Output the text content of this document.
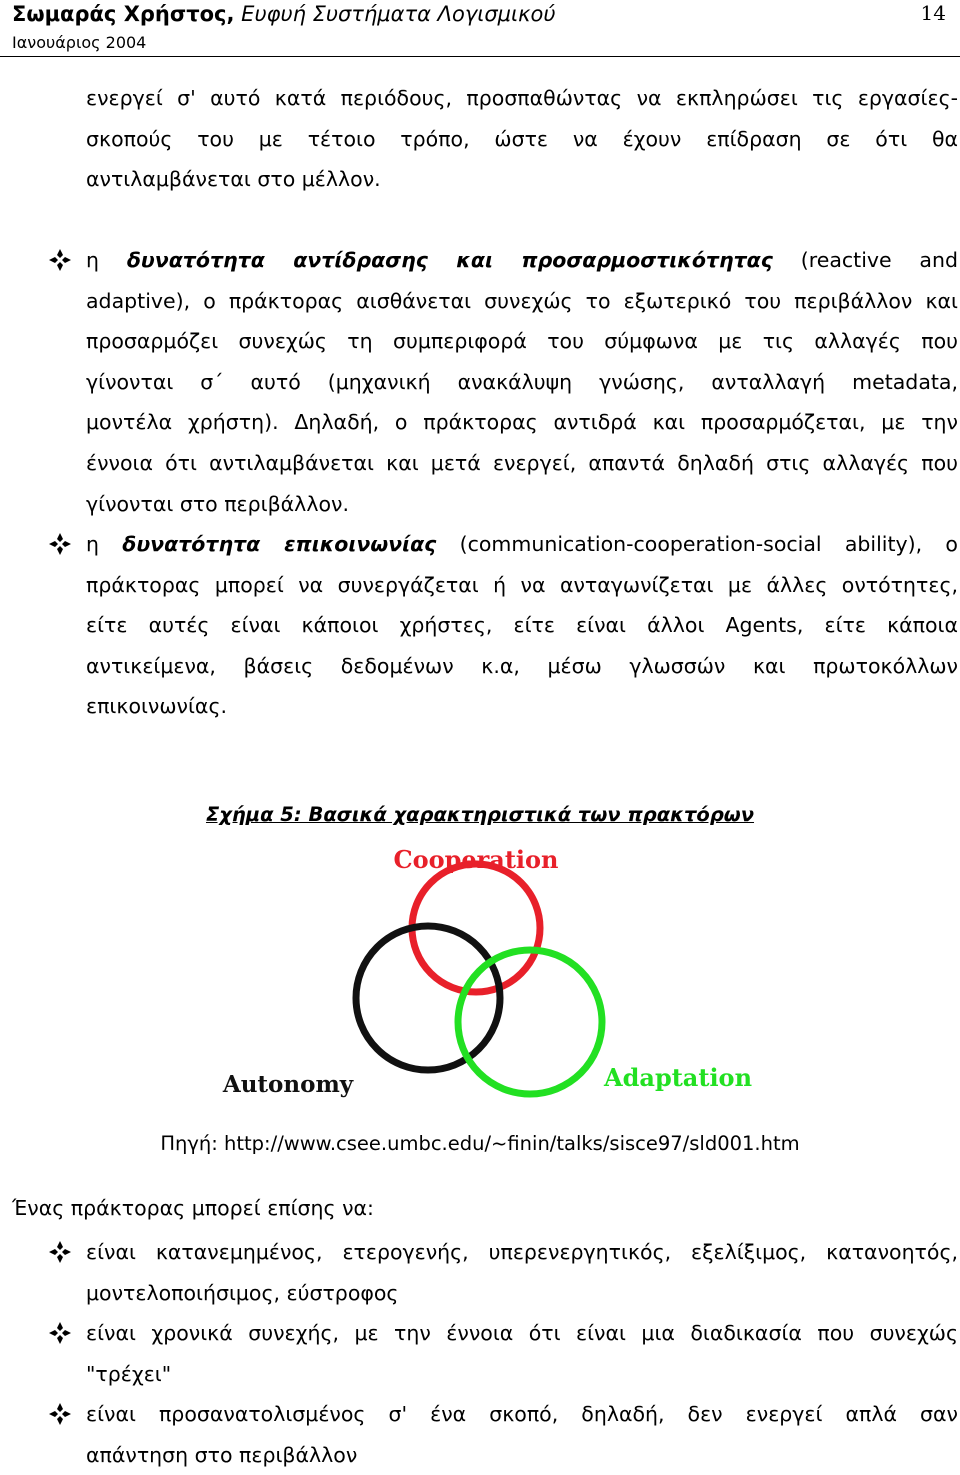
Σωμαράς Χρήστος, Ευφυή Συστήματα Λογισμικού
Ιανουάριος 2004
14
ενεργεί σ' αυτό κατά περιόδους, προσπαθώντας να εκπληρώσει τις εργασίες-
σκοπούς του με τέτοιο τρόπο, ώστε να έχουν επίδραση σε ότι θα
αντιλαμβάνεται στο μέλλον.
η δυνατότητα αντίδρασης και προσαρμοστικότητας (reactive and
adaptive), ο πράκτορας αισθάνεται συνεχώς το εξωτερικό του περιβάλλον και
προσαρμόζει συνεχώς τη συμπεριφορά του σύμφωνα με τις αλλαγές που
γίνονται σ΄ αυτό (μηχανική ανακάλυψη γνώσης, ανταλλαγή metadata,
μοντέλα χρήστη). Δηλαδή, ο πράκτορας αντιδρά και προσαρμόζεται, με την
έννοια ότι αντιλαμβάνεται και μετά ενεργεί, απαντά δηλαδή στις αλλαγές που
γίνονται στο περιβάλλον.
η δυνατότητα επικοινωνίας (communication-cooperation-social ability), ο
πράκτορας μπορεί να συνεργάζεται ή να ανταγωνίζεται με άλλες οντότητες,
είτε αυτές είναι κάποιοι χρήστες, είτε είναι άλλοι Agents, είτε κάποια
αντικείμενα, βάσεις δεδομένων κ.α, μέσω γλωσσών και πρωτοκόλλων
επικοινωνίας.
Σχήμα 5: Βασικά χαρακτηριστικά των πρακτόρων
Cooperation
Autonomy	Adaptation
Πηγή: http://www.csee.umbc.edu/~finin/talks/sisce97/sld001.htm
Ένας πράκτορας μπορεί επίσης να:
είναι κατανεμημένος, ετερογενής, υπερενεργητικός, εξελίξιμος, κατανοητός,
μοντελοποιήσιμος, εύστροφος
είναι χρονικά συνεχής, με την έννοια ότι είναι μια διαδικασία που συνεχώς
"τρέχει"
είναι προσανατολισμένος σ' ένα σκοπό, δηλαδή, δεν ενεργεί απλά σαν
απάντηση στο περιβάλλον
